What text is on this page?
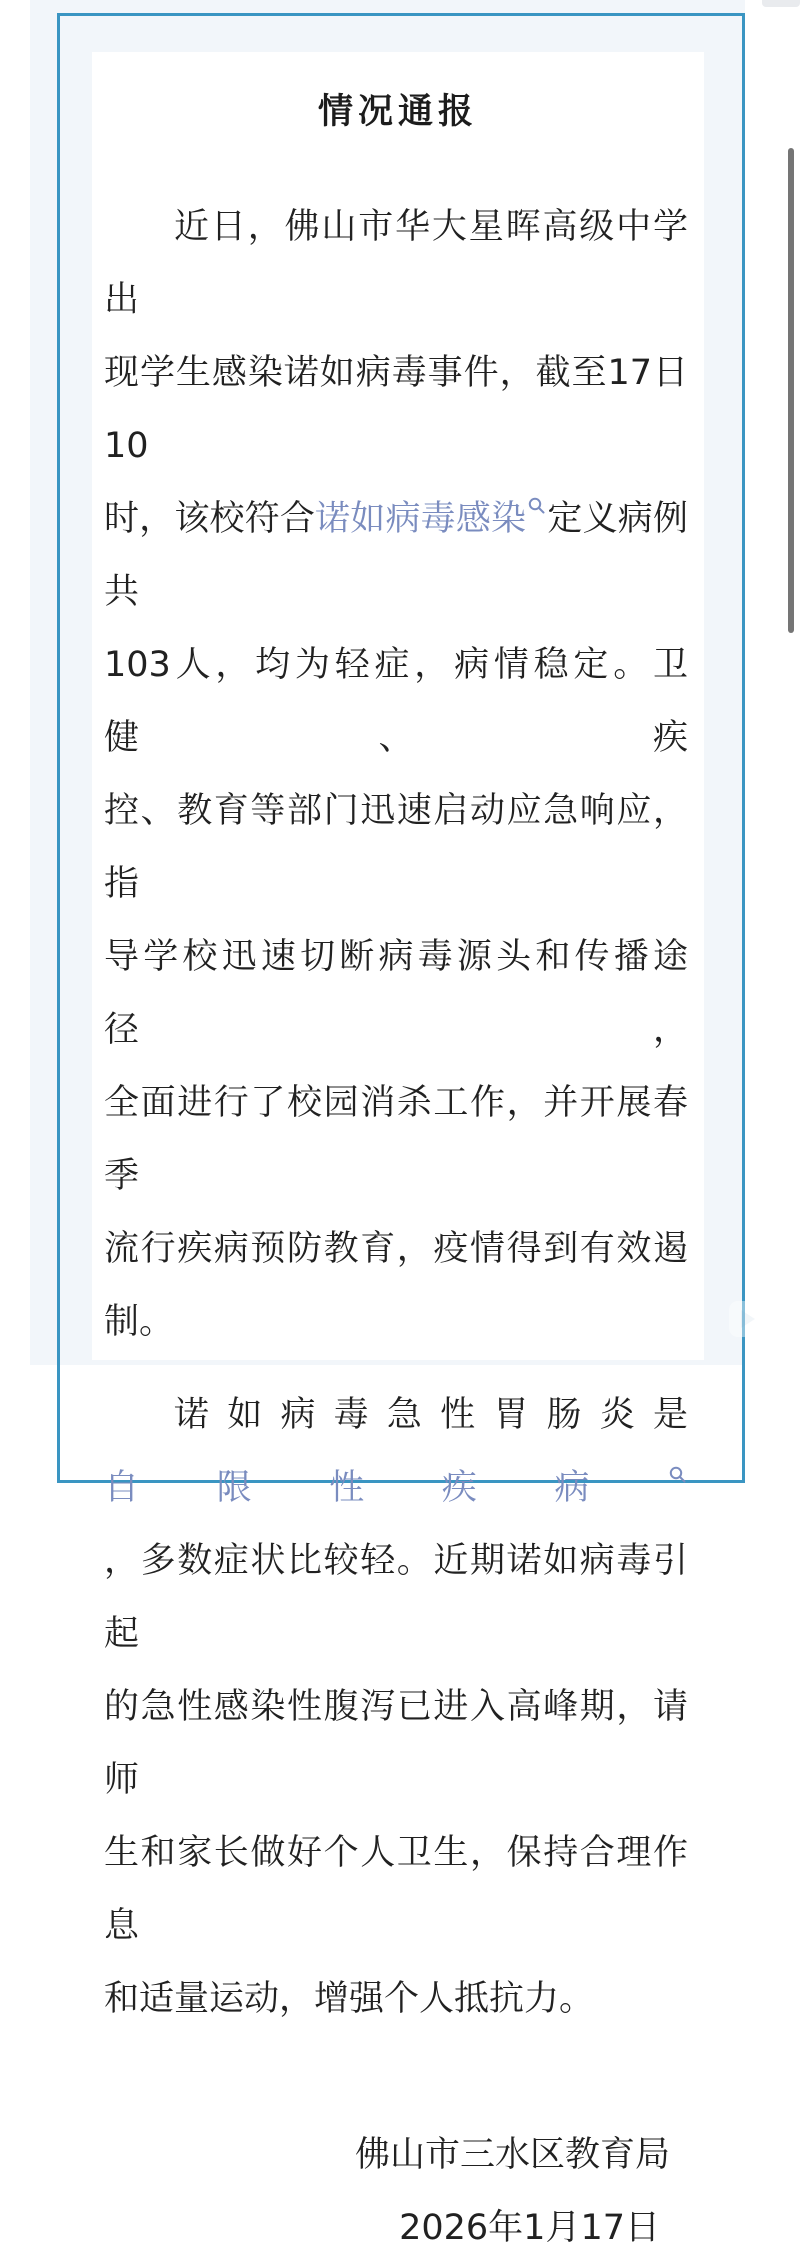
情况通报
近日，佛山市华大星晖高级中学出
现学生感染诺如病毒事件，截至17日10
时，该校符合诺如病毒感染 定义病例共
103人，均为轻症，病情稳定。卫健、疾
控、教育等部门迅速启动应急响应，指
导学校迅速切断病毒源头和传播途径，
全面进行了校园消杀工作，并开展春季
流行疾病预防教育，疫情得到有效遏
制。
诺如病毒急性胃肠炎是自限性疾病
，多数症状比较轻。近期诺如病毒引起
的急性感染性腹泻已进入高峰期，请师
生和家长做好个人卫生，保持合理作息
和适量运动，增强个人抵抗力。
佛山市三水区教育局
2026年1月17日
